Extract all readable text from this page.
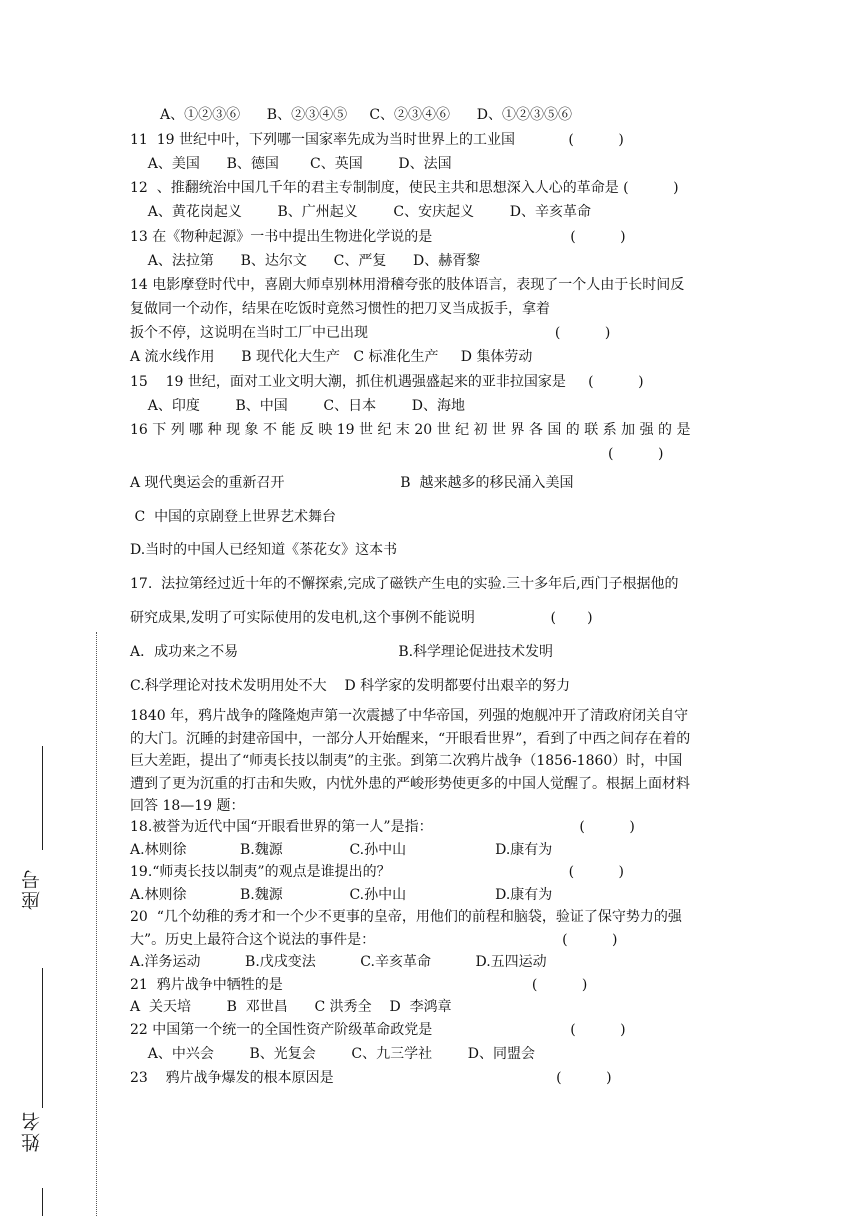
A、①②③⑥      B、②③④⑤     C、②③④⑥      D、①②③⑤⑥
11  19 世纪中叶，下列哪一国家率先成为当时世界上的工业国            (          )
A、美国      B、德国       C、英国        D、法国
12  、推翻统治中国几千年的君主专制制度，使民主共和思想深入人心的革命是 (          )
A、黄花岗起义        B、广州起义        C、安庆起义        D、辛亥革命
13 在《物种起源》一书中提出生物进化学说的是                               (          )
A、法拉第      B、达尔文      C、严复      D、赫胥黎
14 电影摩登时代中，喜剧大师卓别林用滑稽夸张的肢体语言，表现了一个人由于长时间反
复做同一个动作，结果在吃饭时竟然习惯性的把刀叉当成扳手，拿着
扳个不停，这说明在当时工厂中已出现                                          (          )
A 流水线作用      B 现代化大生产   C 标准化生产     D 集体劳动
15    19 世纪，面对工业文明大潮，抓住机遇强盛起来的亚非拉国家是     (          )
A、印度        B、中国        C、日本        D、海地
16 下 列 哪 种 现 象 不 能 反 映 19 世 纪 末 20 世 纪 初 世 界 各 国 的 联 系 加 强 的 是
(          )
A 现代奥运会的重新召开                          B  越来越多的移民涌入美国
C  中国的京剧登上世界艺术舞台
D.当时的中国人已经知道《茶花女》这本书
17.  法拉第经过近十年的不懈探索,完成了磁铁产生电的实验.三十多年后,西门子根据他的
研究成果,发明了可实际使用的发电机,这个事例不能说明                 (       )
A．成功来之不易                                    B.科学理论促进技术发明
C.科学理论对技术发明用处不大    D 科学家的发明都要付出艰辛的努力
1840 年，鸦片战争的隆隆炮声第一次震撼了中华帝国，列强的炮舰冲开了清政府闭关自守
的大门。沉睡的封建帝国中，一部分人开始醒来，“开眼看世界”，看到了中西之间存在着的
巨大差距，提出了“师夷长技以制夷”的主张。到第二次鸦片战争（1856-1860）时，中国
遭到了更为沉重的打击和失败，内忧外患的严峻形势使更多的中国人觉醒了。根据上面材料
回答 18—19 题：
18.被誉为近代中国“开眼看世界的第一人”是指：                                 (          )
A.林则徐            B.魏源               C.孙中山                    D.康有为
19.“师夷长技以制夷”的观点是谁提出的？                                        (          )
A.林则徐            B.魏源               C.孙中山                    D.康有为
20  “几个幼稚的秀才和一个少不更事的皇帝，用他们的前程和脑袋，验证了保守势力的强
大”。历史上最符合这个说法的事件是：                                          (          )
A.洋务运动          B.戊戌变法          C.辛亥革命          D.五四运动
21  鸦片战争中牺牲的是                                                        (          )
A  关天培        B  邓世昌      C 洪秀全    D  李鸿章
22 中国第一个统一的全国性资产阶级革命政党是                               (          )
A、中兴会        B、光复会        C、九三学社        D、同盟会
23    鸦片战争爆发的根本原因是                                                  (          )
座号
姓名
